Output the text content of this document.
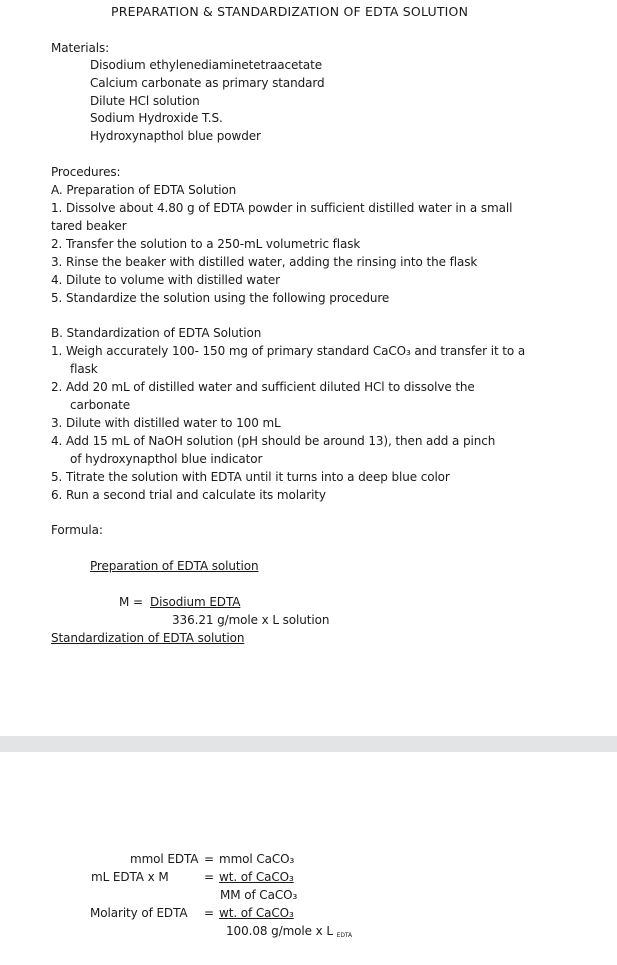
PREPARATION & STANDARDIZATION OF EDTA SOLUTION
Materials:
Disodium ethylenediaminetetraacetate
Calcium carbonate as primary standard
Dilute HCl solution
Sodium Hydroxide T.S.
Hydroxynapthol blue powder
Procedures:
A. Preparation of EDTA Solution
1. Dissolve about 4.80 g of EDTA powder in sufficient distilled water in a small
tared beaker
2. Transfer the solution to a 250-mL volumetric flask
3. Rinse the beaker with distilled water, adding the rinsing into the flask
4. Dilute to volume with distilled water
5. Standardize the solution using the following procedure
B. Standardization of EDTA Solution
1. Weigh accurately 100- 150 mg of primary standard CaCO₃ and transfer it to a
flask
2. Add 20 mL of distilled water and sufficient diluted HCl to dissolve the
carbonate
3. Dilute with distilled water to 100 mL
4. Add 15 mL of NaOH solution (pH should be around 13), then add a pinch
of hydroxynapthol blue indicator
5. Titrate the solution with EDTA until it turns into a deep blue color
6. Run a second trial and calculate its molarity
Formula:
Preparation of EDTA solution
M = Disodium EDTA
336.21 g/mole x L solution
Standardization of EDTA solution
mmol EDTA = mmol CaCO₃
mL EDTA x M	= wt. of CaCO₃
MM of CaCO₃
Molarity of EDTA = wt. of CaCO₃
100.08 g/mole x L EDTA
